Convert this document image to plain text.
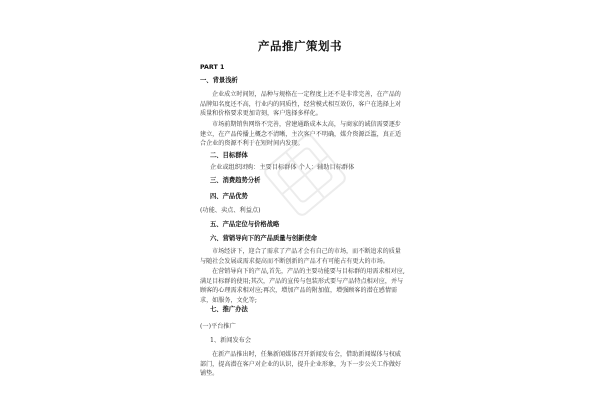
产品推广策划书
PART 1
一、背景浅析
企业成立时间短，品种与规格在一定程度上还不是非常完善，在产品的品牌知名度还不高，行业内的同质性，经营模式相互效仿，客户在选择上对质量和价格要求更加苛刻，客户选择多样化。
市场前期销售网络不完善，营建通路成本太高，与商家的诚信需要逐步建立，在产品传播上概念不清晰，主次客户不明确，媒介资源泛滥，真正适合企业的资源不利于在短时间内发现。
二、目标群体
企业或组织团购：主要目标群体 个人：辅助目标群体
三、消费趋势分析
四、产品优势
(功能、卖点、利益点)
五、产品定位与价格战略
六、营销导向下的产品质量与创新使命
市场经济下，迎合了需求了产品才会有自己的市场，而不断追求的质量与随社会发展或需求提高而不断创新的产品才有可能占有更大的市场。
在营销导向下的产品,首先，产品的主要功能要与目标群的用需求相对应,满足目标群的使用;其次，产品的宣传与包装形式要与产品特点相对应，并与顾客的心理需求相对应;再次，增加产品的附加值，增强顾客的潜在感情需求，如服务，文化等;
七、推广办法
(一)平台推广
1、新闻发布会
在新产品推出时，任集新闻媒体召开新闻发布会，借助新闻媒体与权威部门，提高潜在客户对企业的认识，提升企业形象，为下一步公关工作做好铺垫。
